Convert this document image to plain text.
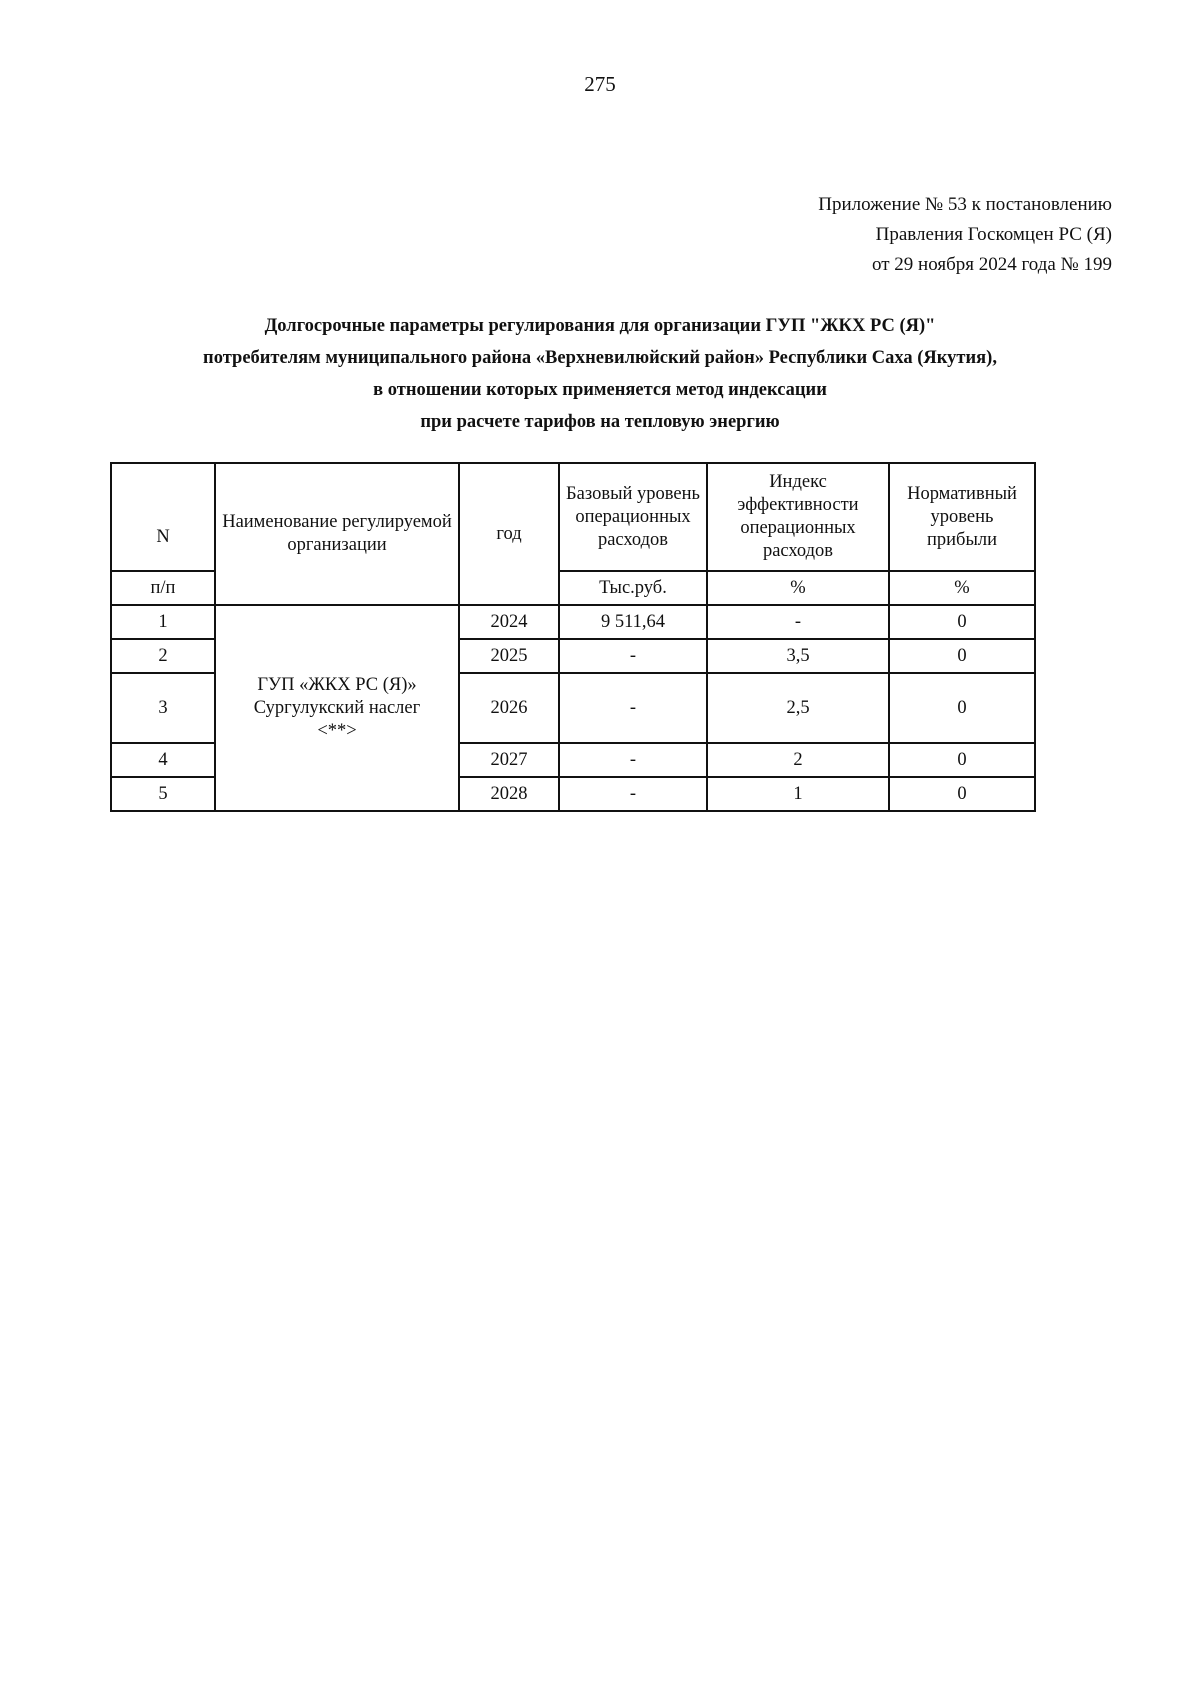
275
Приложение № 53 к постановлению
Правления Госкомцен РС (Я)
от 29 ноября 2024 года № 199
Долгосрочные параметры регулирования для организации ГУП "ЖКХ РС (Я)"
потребителям муниципального района «Верхневилюйский район» Республики Саха (Якутия),
в отношении которых применяется метод индексации
при расчете тарифов на тепловую энергию
N	Наименование регулируемой организации	год	Базовый уровень операционных расходов	Индекс эффективности операционных расходов	Нормативный уровень прибыли
п/п			Тыс.руб.	%	%
1	ГУП «ЖКХ РС (Я)»
Сургулукский наслег
<**>	2024	9 511,64	-	0
2		2025	-	3,5	0
3		2026	-	2,5	0
4		2027	-	2	0
5		2028	-	1	0
